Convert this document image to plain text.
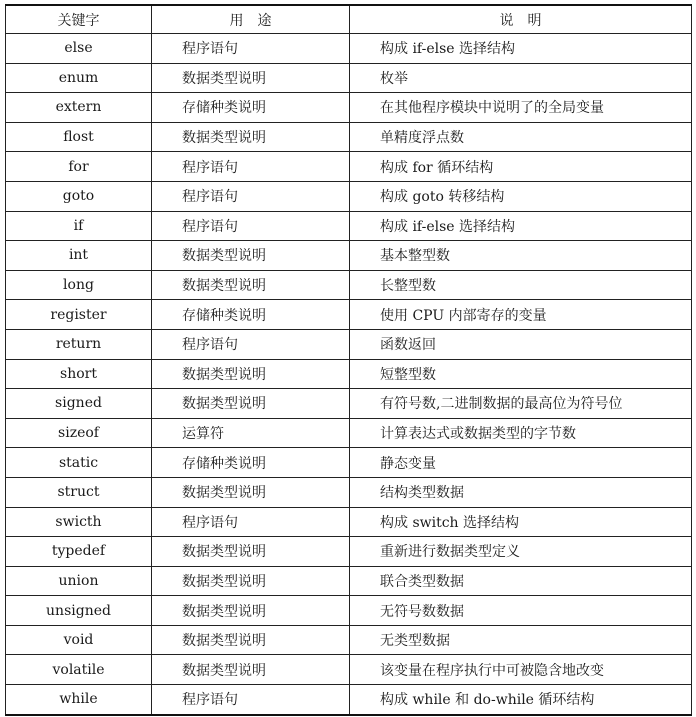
关键字	用　途	说　明
else	程序语句	构成 if-else 选择结构
enum	数据类型说明	枚举
extern	存储种类说明	在其他程序模块中说明了的全局变量
flost	数据类型说明	单精度浮点数
for	程序语句	构成 for 循环结构
goto	程序语句	构成 goto 转移结构
if	程序语句	构成 if-else 选择结构
int	数据类型说明	基本整型数
long	数据类型说明	长整型数
register	存储种类说明	使用 CPU 内部寄存的变量
return	程序语句	函数返回
short	数据类型说明	短整型数
signed	数据类型说明	有符号数,二进制数据的最高位为符号位
sizeof	运算符	计算表达式或数据类型的字节数
static	存储种类说明	静态变量
struct	数据类型说明	结构类型数据
swicth	程序语句	构成 switch 选择结构
typedef	数据类型说明	重新进行数据类型定义
union	数据类型说明	联合类型数据
unsigned	数据类型说明	无符号数数据
void	数据类型说明	无类型数据
volatile	数据类型说明	该变量在程序执行中可被隐含地改变
while	程序语句	构成 while 和 do-while 循环结构
